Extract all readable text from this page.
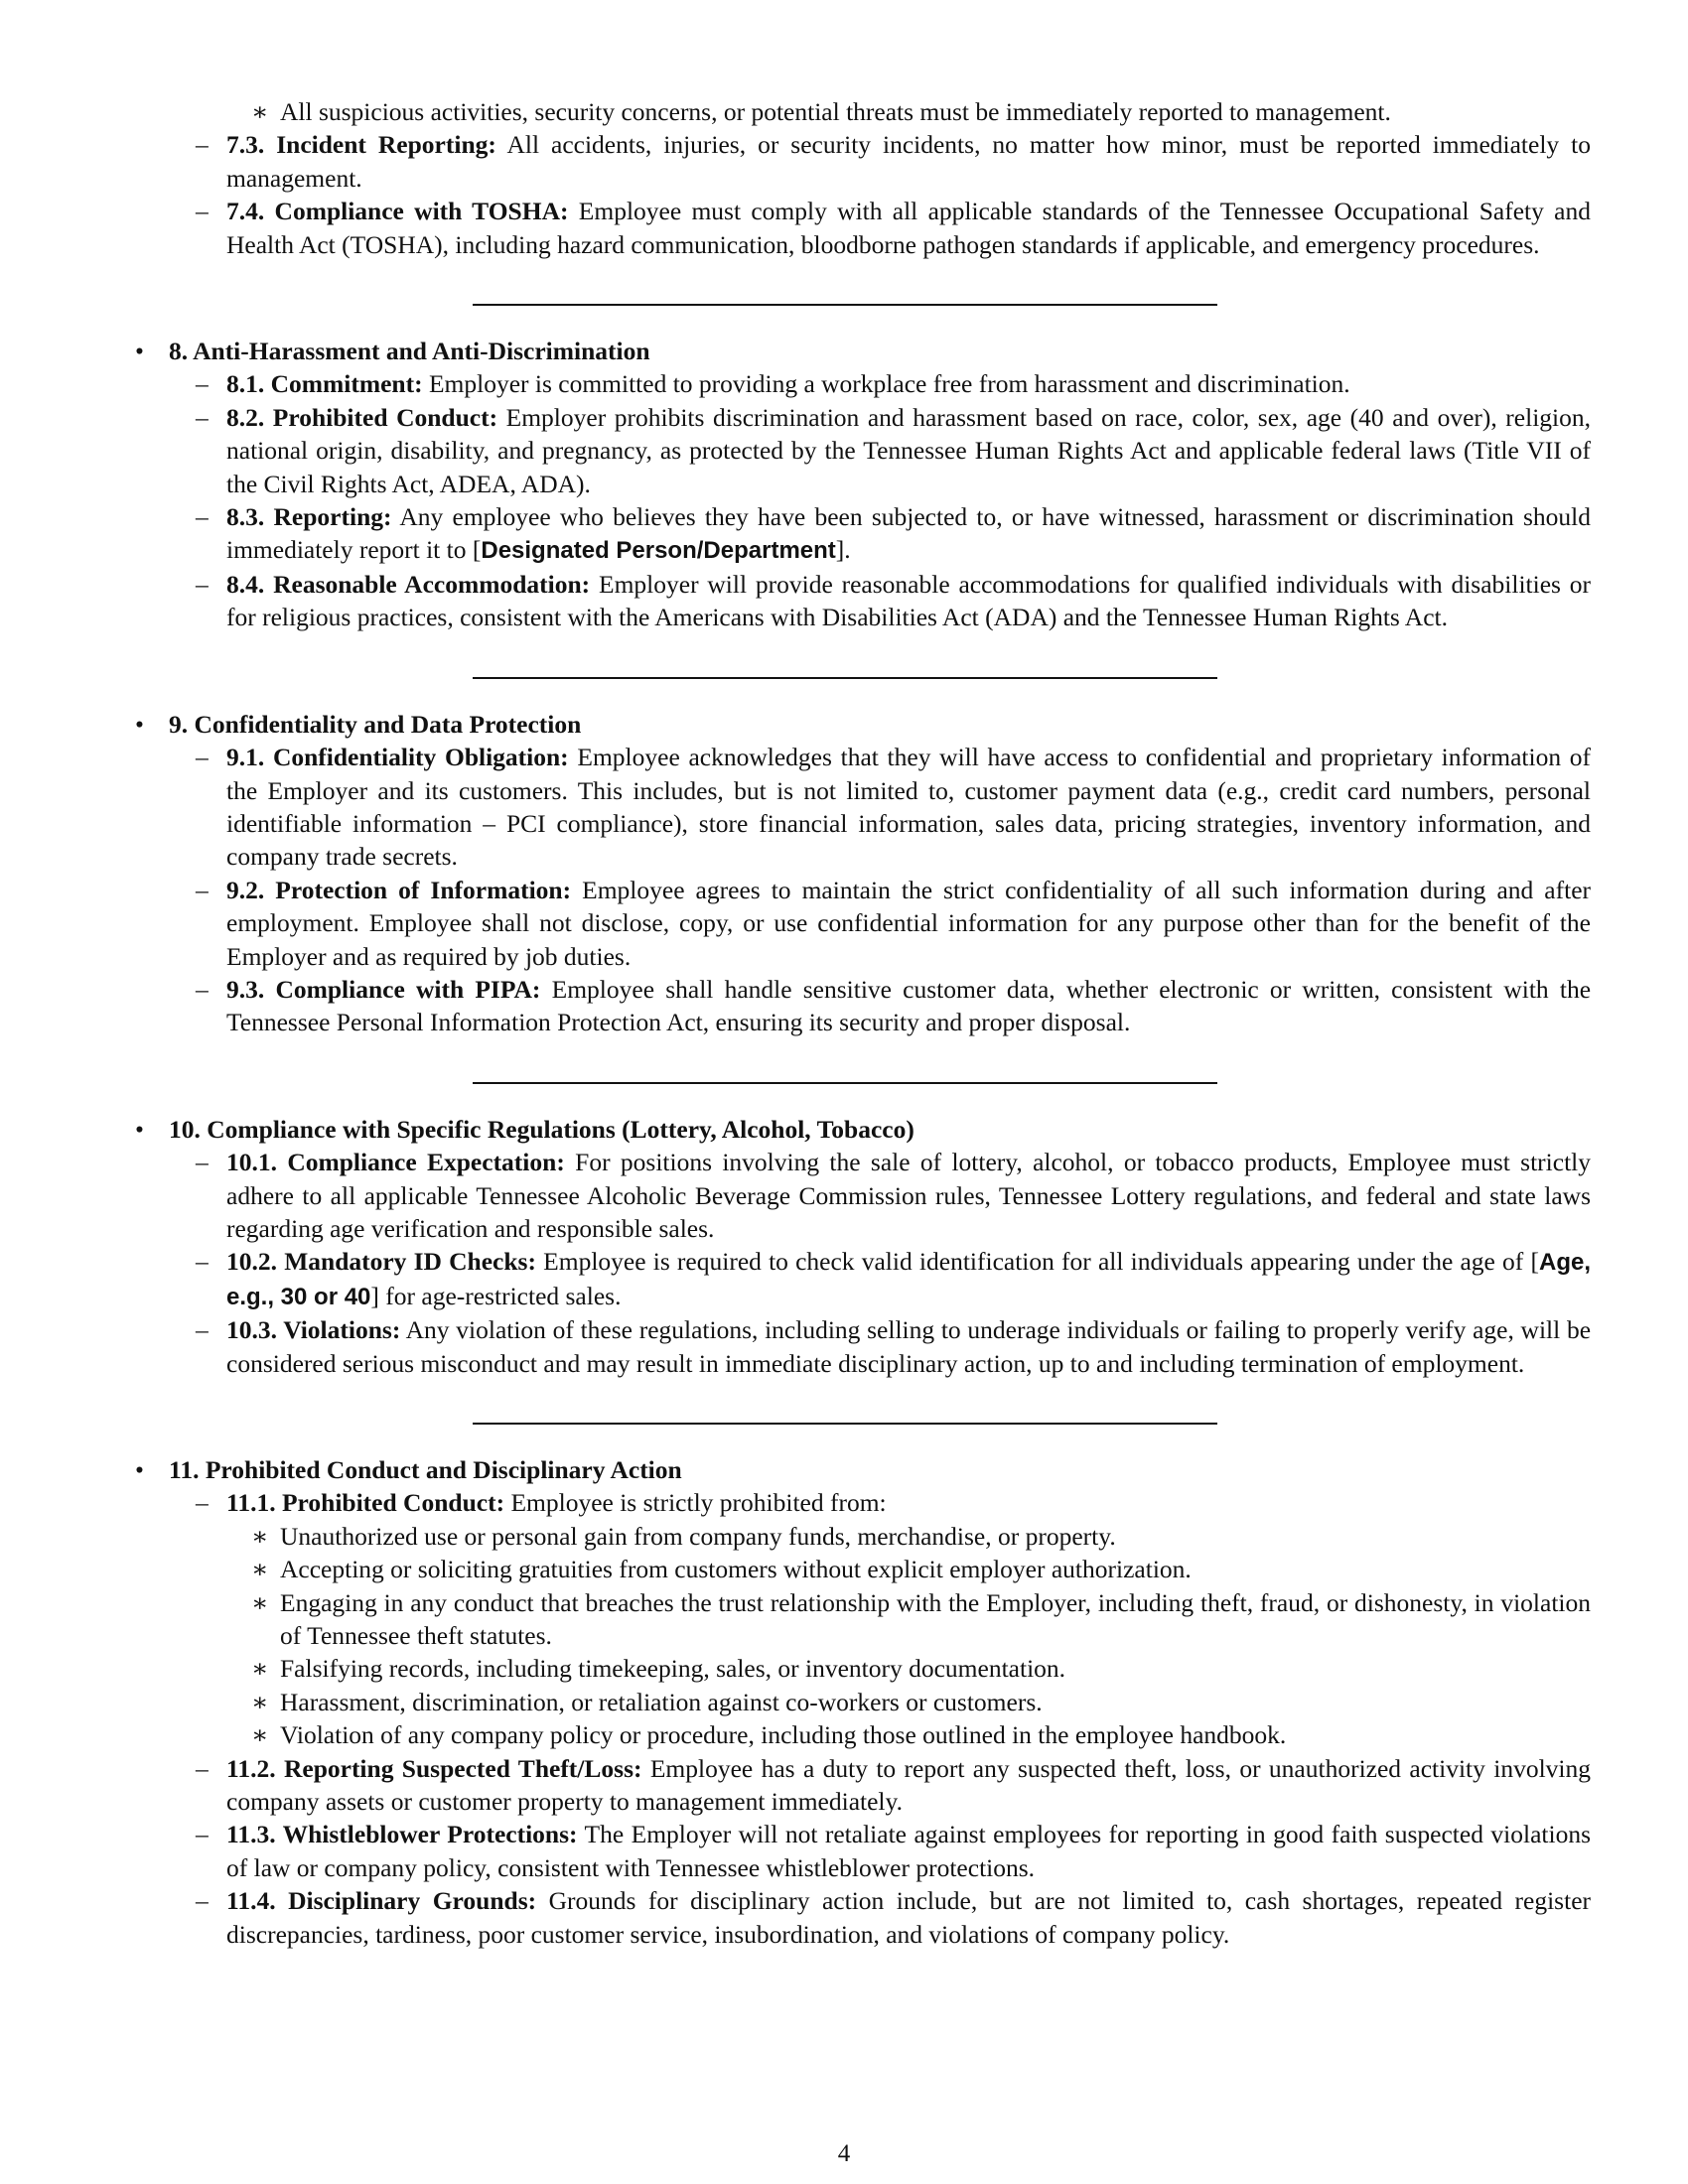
∗ All suspicious activities, security concerns, or potential threats must be immediately reported to management.
– 7.3. Incident Reporting: All accidents, injuries, or security incidents, no matter how minor, must be reported immediately to management.
– 7.4. Compliance with TOSHA: Employee must comply with all applicable standards of the Tennessee Occupational Safety and Health Act (TOSHA), including hazard communication, bloodborne pathogen standards if applicable, and emergency procedures.
• 8. Anti-Harassment and Anti-Discrimination
– 8.1. Commitment: Employer is committed to providing a workplace free from harassment and discrimination.
– 8.2. Prohibited Conduct: Employer prohibits discrimination and harassment based on race, color, sex, age (40 and over), religion, national origin, disability, and pregnancy, as protected by the Tennessee Human Rights Act and applicable federal laws (Title VII of the Civil Rights Act, ADEA, ADA).
– 8.3. Reporting: Any employee who believes they have been subjected to, or have witnessed, harassment or discrimination should immediately report it to [Designated Person/Department].
– 8.4. Reasonable Accommodation: Employer will provide reasonable accommodations for qualified individuals with disabilities or for religious practices, consistent with the Americans with Disabilities Act (ADA) and the Tennessee Human Rights Act.
• 9. Confidentiality and Data Protection
– 9.1. Confidentiality Obligation: Employee acknowledges that they will have access to confidential and proprietary information of the Employer and its customers. This includes, but is not limited to, customer payment data (e.g., credit card numbers, personal identifiable information – PCI compliance), store financial information, sales data, pricing strategies, inventory information, and company trade secrets.
– 9.2. Protection of Information: Employee agrees to maintain the strict confidentiality of all such information during and after employment. Employee shall not disclose, copy, or use confidential information for any purpose other than for the benefit of the Employer and as required by job duties.
– 9.3. Compliance with PIPA: Employee shall handle sensitive customer data, whether electronic or written, consistent with the Tennessee Personal Information Protection Act, ensuring its security and proper disposal.
• 10. Compliance with Specific Regulations (Lottery, Alcohol, Tobacco)
– 10.1. Compliance Expectation: For positions involving the sale of lottery, alcohol, or tobacco products, Employee must strictly adhere to all applicable Tennessee Alcoholic Beverage Commission rules, Tennessee Lottery regulations, and federal and state laws regarding age verification and responsible sales.
– 10.2. Mandatory ID Checks: Employee is required to check valid identification for all individuals appearing under the age of [Age, e.g., 30 or 40] for age-restricted sales.
– 10.3. Violations: Any violation of these regulations, including selling to underage individuals or failing to properly verify age, will be considered serious misconduct and may result in immediate disciplinary action, up to and including termination of employment.
• 11. Prohibited Conduct and Disciplinary Action
– 11.1. Prohibited Conduct: Employee is strictly prohibited from:
∗ Unauthorized use or personal gain from company funds, merchandise, or property.
∗ Accepting or soliciting gratuities from customers without explicit employer authorization.
∗ Engaging in any conduct that breaches the trust relationship with the Employer, including theft, fraud, or dishonesty, in violation of Tennessee theft statutes.
∗ Falsifying records, including timekeeping, sales, or inventory documentation.
∗ Harassment, discrimination, or retaliation against co-workers or customers.
∗ Violation of any company policy or procedure, including those outlined in the employee handbook.
– 11.2. Reporting Suspected Theft/Loss: Employee has a duty to report any suspected theft, loss, or unauthorized activity involving company assets or customer property to management immediately.
– 11.3. Whistleblower Protections: The Employer will not retaliate against employees for reporting in good faith suspected violations of law or company policy, consistent with Tennessee whistleblower protections.
– 11.4. Disciplinary Grounds: Grounds for disciplinary action include, but are not limited to, cash shortages, repeated register discrepancies, tardiness, poor customer service, insubordination, and violations of company policy.
4
